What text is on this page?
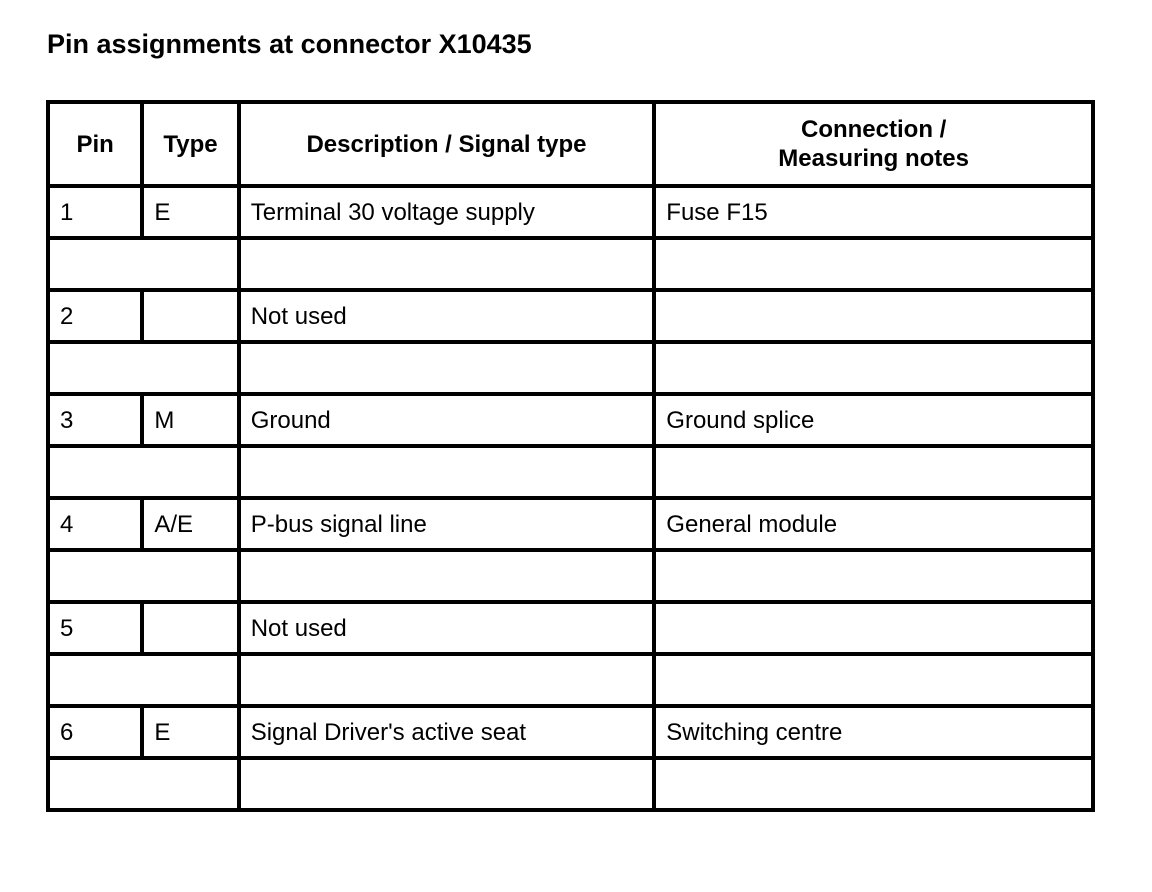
Pin assignments at connector X10435
Pin	Type	Description / Signal type	Connection /
Measuring notes

1	E	Terminal 30 voltage supply	Fuse F15

2		Not used	

3	M	Ground	Ground splice

4	A/E	P-bus signal line	General module

5		Not used	

6	E	Signal Driver's active seat	Switching centre
